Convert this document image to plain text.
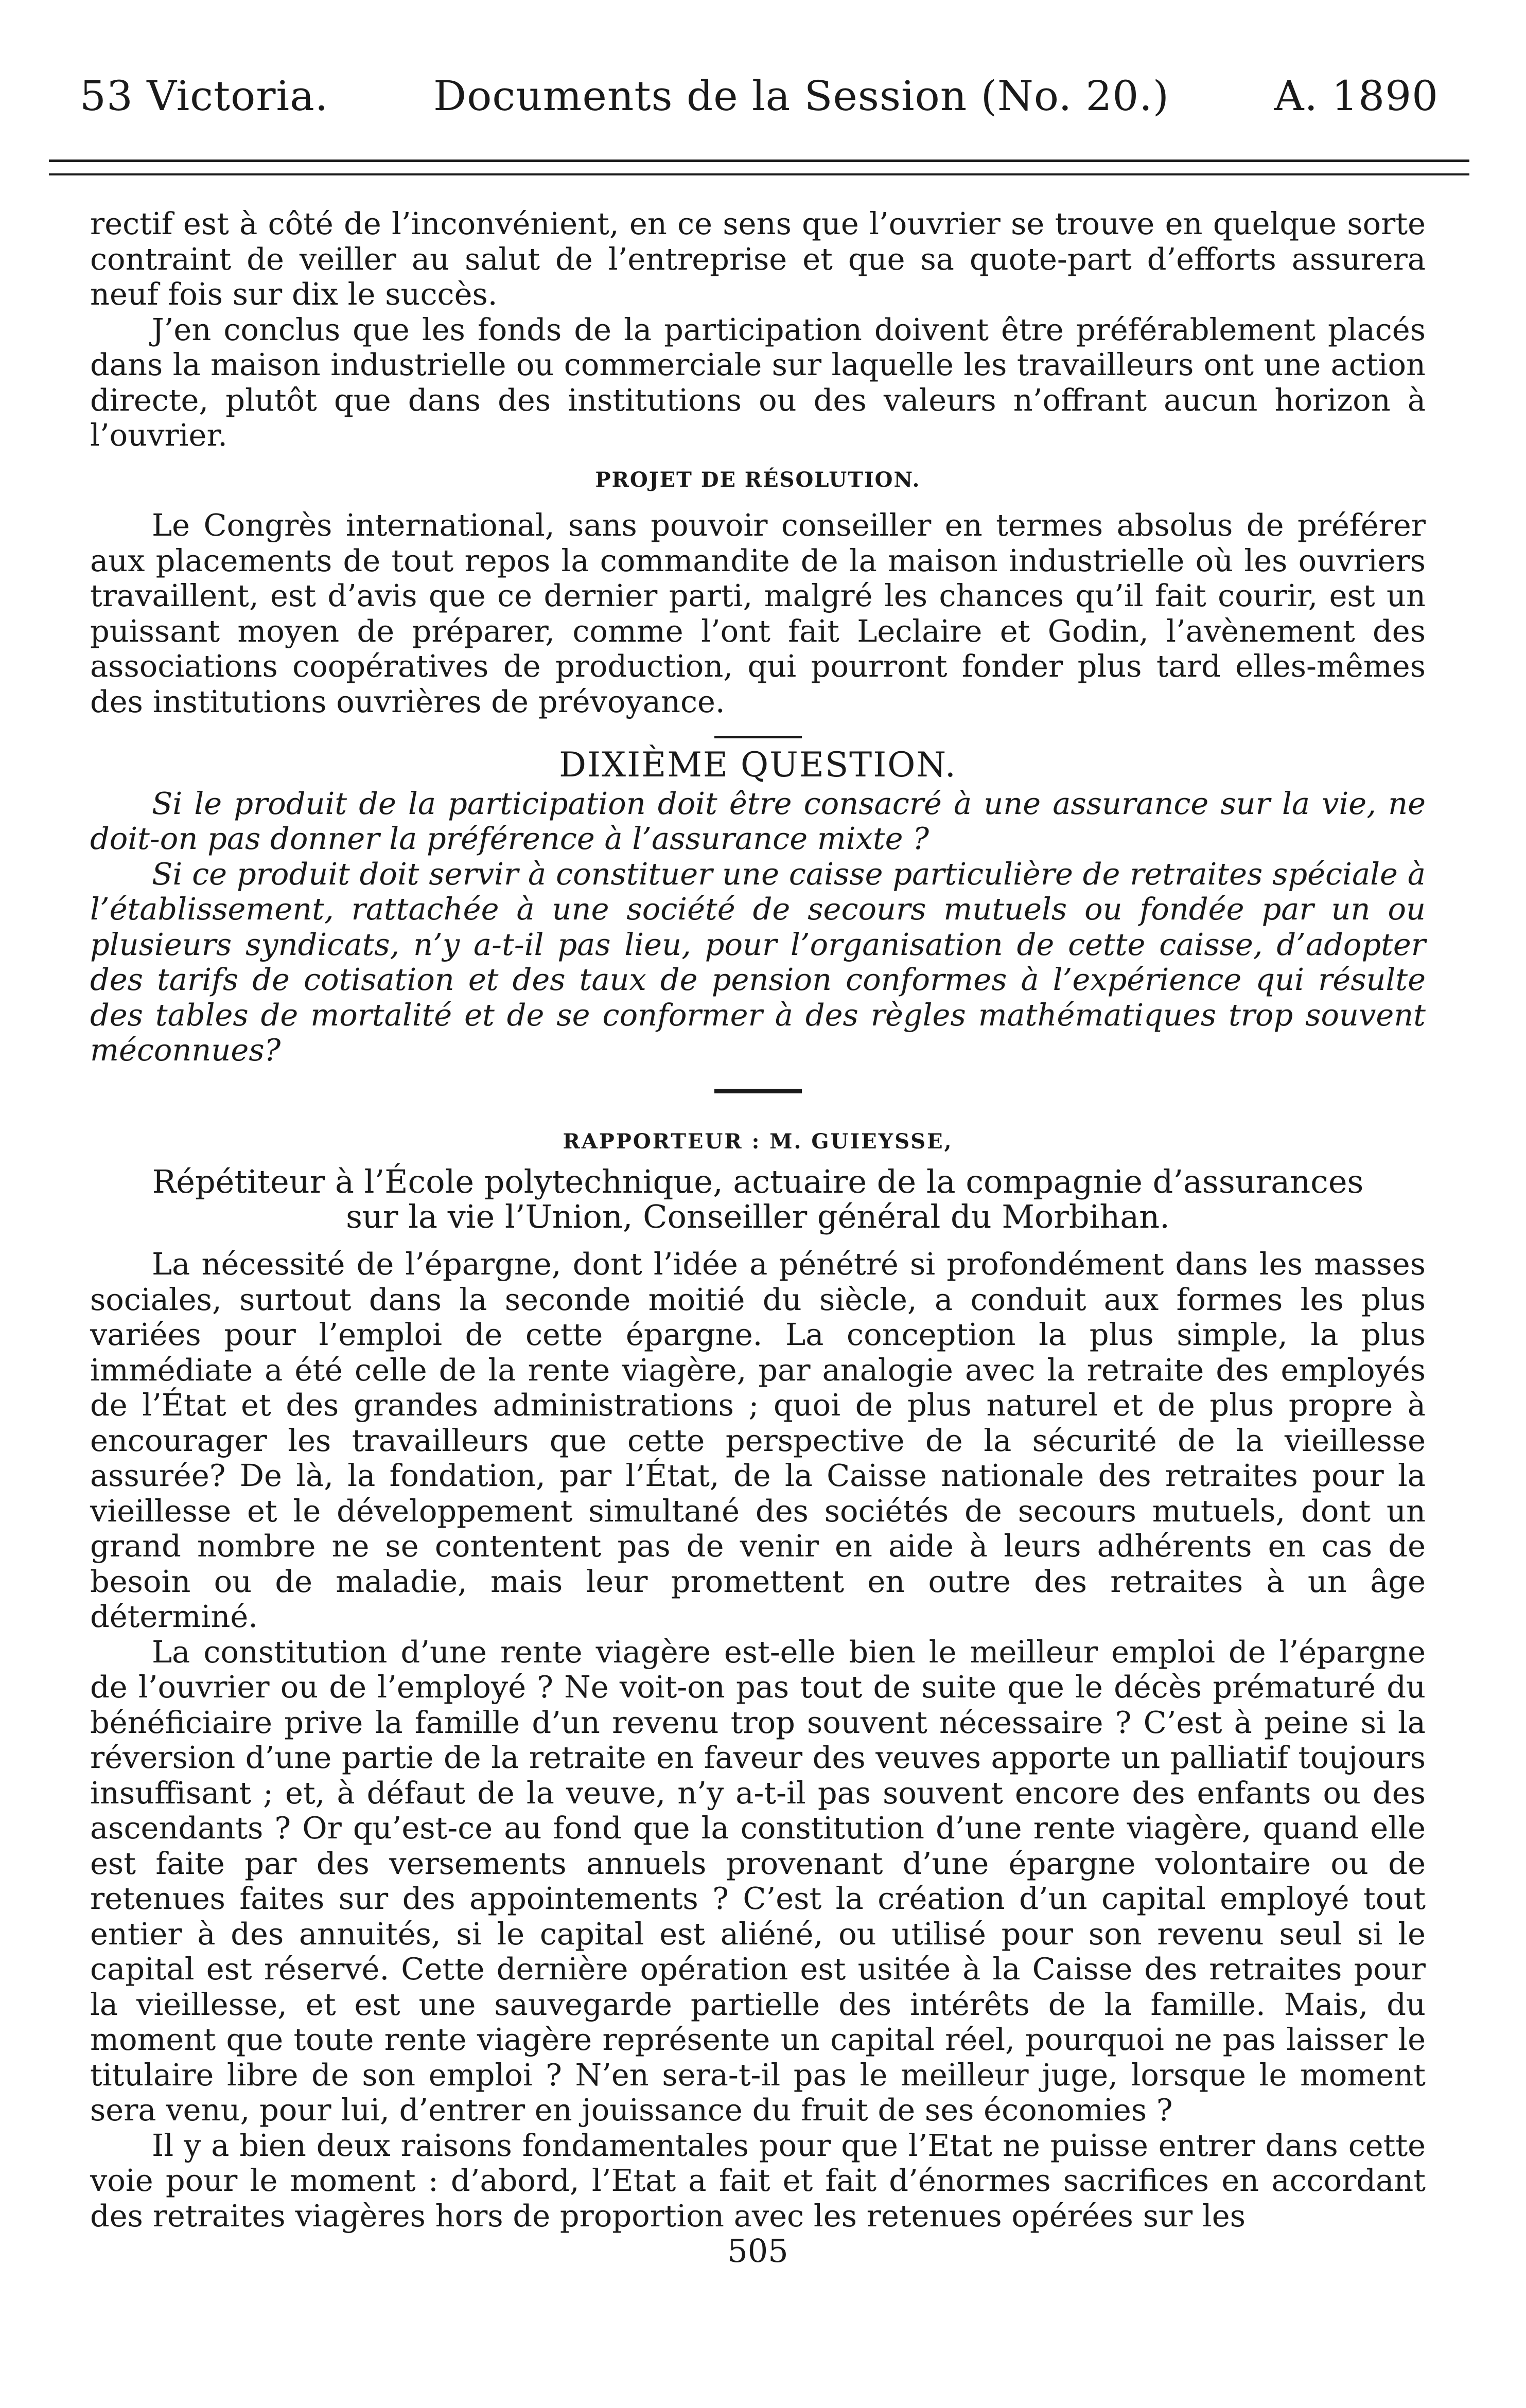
53 Victoria.	Documents de la Session (No. 20.)	A. 1890

rectif est à côté de l’inconvénient, en ce sens que l’ouvrier se trouve en quelque sorte contraint de veiller au salut de l’entreprise et que sa quote-part d’efforts assurera neuf fois sur dix le succès.

J’en conclus que les fonds de la participation doivent être préférablement placés dans la maison industrielle ou commerciale sur laquelle les travailleurs ont une action directe, plutôt que dans des institutions ou des valeurs n’offrant aucun horizon à l’ouvrier.

PROJET DE RÉSOLUTION.

Le Congrès international, sans pouvoir conseiller en termes absolus de préférer aux placements de tout repos la commandite de la maison industrielle où les ouvriers travaillent, est d’avis que ce dernier parti, malgré les chances qu’il fait courir, est un puissant moyen de préparer, comme l’ont fait Leclaire et Godin, l’avènement des associations coopératives de production, qui pourront fonder plus tard elles-mêmes des institutions ouvrières de prévoyance.

DIXIÈME QUESTION.

Si le produit de la participation doit être consacré à une assurance sur la vie, ne doit-on pas donner la préférence à l’assurance mixte ?

Si ce produit doit servir à constituer une caisse particulière de retraites spéciale à l’établissement, rattachée à une société de secours mutuels ou fondée par un ou plusieurs syndicats, n’y a-t-il pas lieu, pour l’organisation de cette caisse, d’adopter des tarifs de cotisation et des taux de pension conformes à l’expérience qui résulte des tables de mortalité et de se conformer à des règles mathématiques trop souvent méconnues?

RAPPORTEUR : M. GUIEYSSE,
Répétiteur à l’École polytechnique, actuaire de la compagnie d’assurances
sur la vie l’Union, Conseiller général du Morbihan.

La nécessité de l’épargne, dont l’idée a pénétré si profondément dans les masses sociales, surtout dans la seconde moitié du siècle, a conduit aux formes les plus variées pour l’emploi de cette épargne. La conception la plus simple, la plus immédiate a été celle de la rente viagère, par analogie avec la retraite des employés de l’État et des grandes administrations ; quoi de plus naturel et de plus propre à encourager les travailleurs que cette perspective de la sécurité de la vieillesse assurée? De là, la fondation, par l’État, de la Caisse nationale des retraites pour la vieillesse et le développement simultané des sociétés de secours mutuels, dont un grand nombre ne se contentent pas de venir en aide à leurs adhérents en cas de besoin ou de maladie, mais leur promettent en outre des retraites à un âge déterminé.

La constitution d’une rente viagère est-elle bien le meilleur emploi de l’épargne de l’ouvrier ou de l’employé ? Ne voit-on pas tout de suite que le décès prématuré du bénéficiaire prive la famille d’un revenu trop souvent nécessaire ? C’est à peine si la réversion d’une partie de la retraite en faveur des veuves apporte un palliatif toujours insuffisant ; et, à défaut de la veuve, n’y a-t-il pas souvent encore des enfants ou des ascendants ? Or qu’est-ce au fond que la constitution d’une rente viagère, quand elle est faite par des versements annuels provenant d’une épargne volontaire ou de retenues faites sur des appointements ? C’est la création d’un capital employé tout entier à des annuités, si le capital est aliéné, ou utilisé pour son revenu seul si le capital est réservé. Cette dernière opération est usitée à la Caisse des retraites pour la vieillesse, et est une sauvegarde partielle des intérêts de la famille. Mais, du moment que toute rente viagère représente un capital réel, pourquoi ne pas laisser le titulaire libre de son emploi ? N’en sera-t-il pas le meilleur juge, lorsque le moment sera venu, pour lui, d’entrer en jouissance du fruit de ses économies ?

Il y a bien deux raisons fondamentales pour que l’Etat ne puisse entrer dans cette voie pour le moment : d’abord, l’Etat a fait et fait d’énormes sacrifices en accordant des retraites viagères hors de proportion avec les retenues opérées sur les

505
